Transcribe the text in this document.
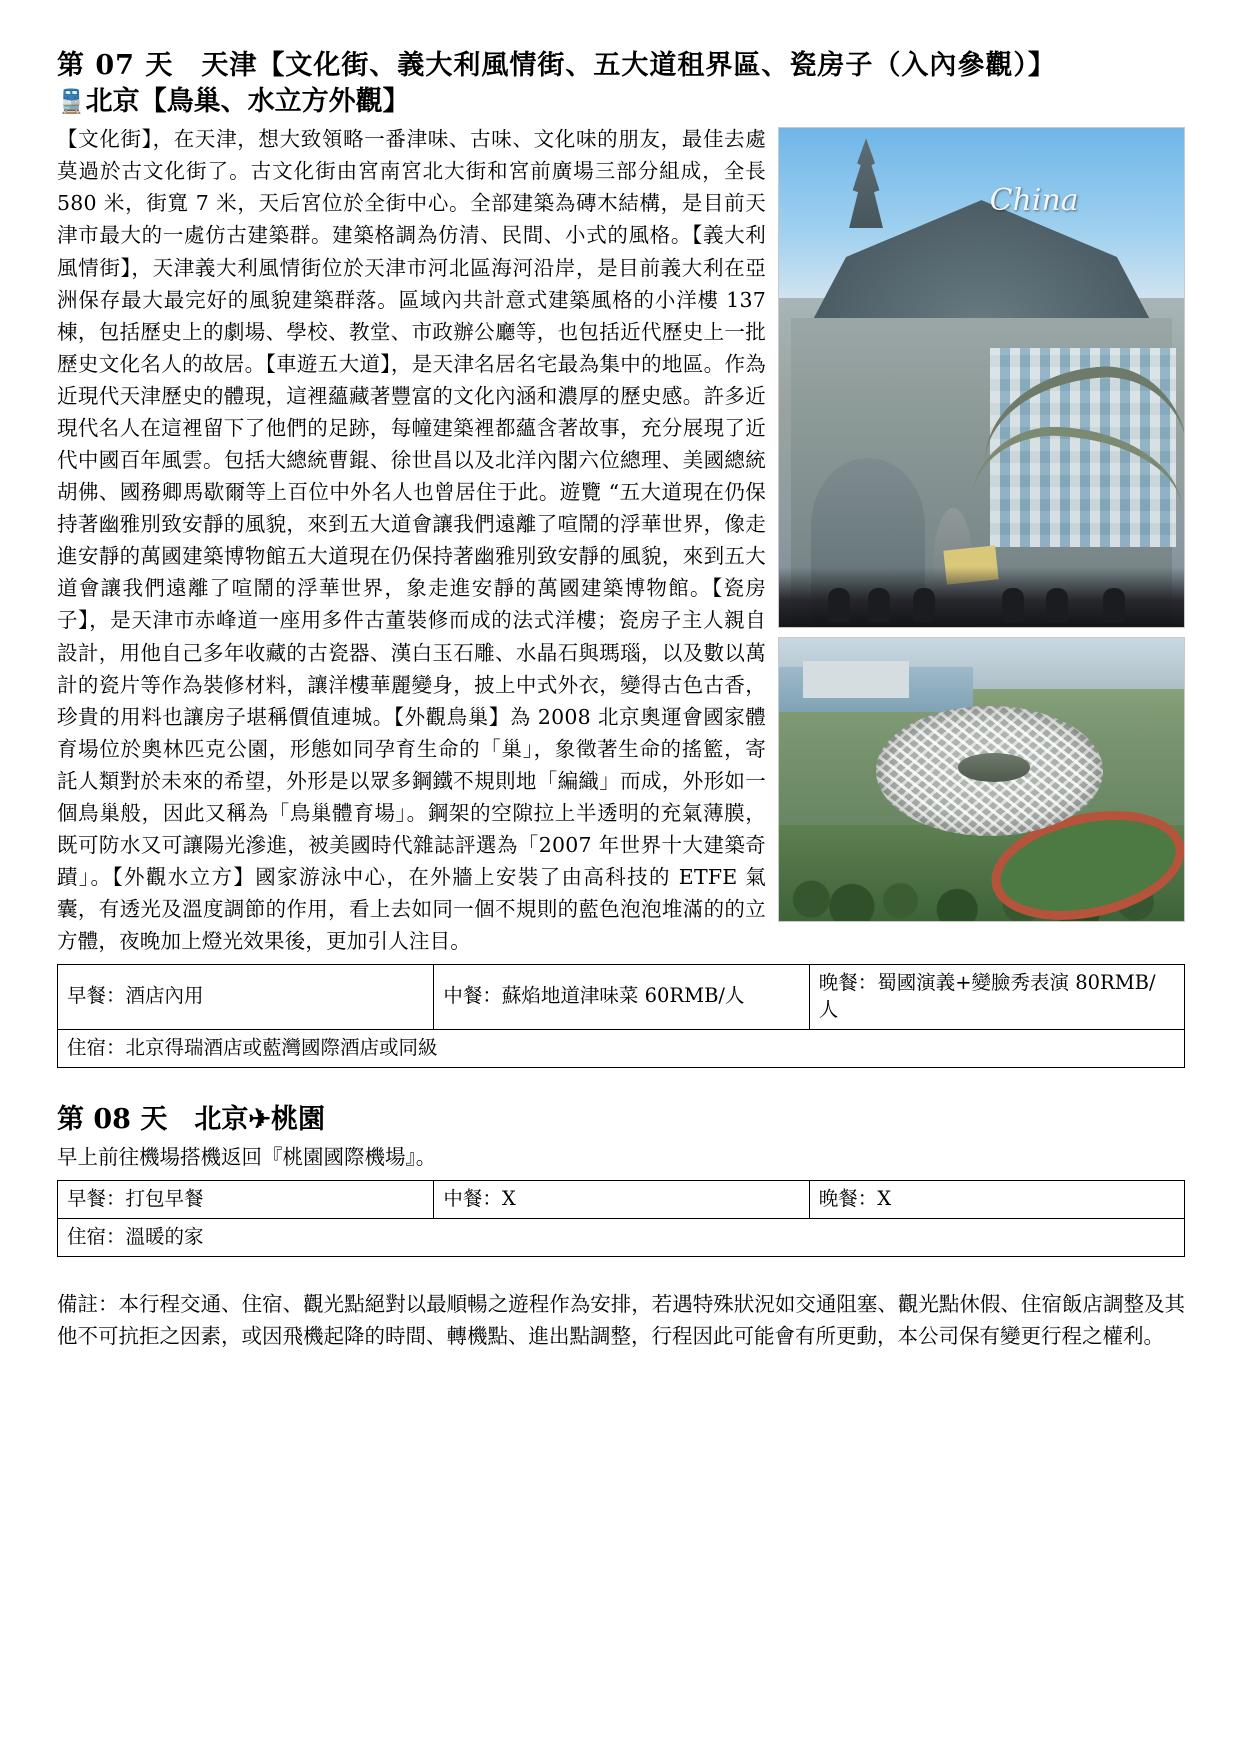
第 07 天　天津【文化街、義大利風情街、五大道租界區、瓷房子（入內參觀）】
🚆北京【鳥巢、水立方外觀】
China

【文化街】，在天津，想大致領略一番津味、古味、文化味的朋友，最佳去處莫過於古文化街了。古文化街由宮南宮北大街和宮前廣場三部分組成，全長 580 米，街寬 7 米，天后宮位於全街中心。全部建築為磚木結構，是目前天津市最大的一處仿古建築群。建築格調為仿清、民間、小式的風格。【義大利風情街】，天津義大利風情街位於天津市河北區海河沿岸，是目前義大利在亞洲保存最大最完好的風貌建築群落。區域內共計意式建築風格的小洋樓 137 棟，包括歷史上的劇場、學校、教堂、市政辦公廳等，也包括近代歷史上一批歷史文化名人的故居。【車遊五大道】，是天津名居名宅最為集中的地區。作為近現代天津歷史的體現，這裡蘊藏著豐富的文化內涵和濃厚的歷史感。許多近現代名人在這裡留下了他們的足跡，每幢建築裡都蘊含著故事，充分展現了近代中國百年風雲。包括大總統曹錕、徐世昌以及北洋內閣六位總理、美國總統胡佛、國務卿馬歇爾等上百位中外名人也曾居住于此。遊覽 “五大道現在仍保持著幽雅別致安靜的風貌，來到五大道會讓我們遠離了喧鬧的浮華世界，像走進安靜的萬國建築博物館五大道現在仍保持著幽雅別致安靜的風貌，來到五大道會讓我們遠離了喧鬧的浮華世界，象走進安靜的萬國建築博物館。【瓷房子】，是天津市赤峰道一座用多件古董裝修而成的法式洋樓；瓷房子主人親自設計，用他自己多年收藏的古瓷器、漢白玉石雕、水晶石與瑪瑙，以及數以萬計的瓷片等作為裝修材料，讓洋樓華麗變身，披上中式外衣，變得古色古香，珍貴的用料也讓房子堪稱價值連城。【外觀鳥巢】為 2008 北京奧運會國家體育場位於奧林匹克公園，形態如同孕育生命的「巢」，象徵著生命的搖籃，寄託人類對於未來的希望，外形是以眾多鋼鐵不規則地「編織」而成，外形如一個鳥巢般，因此又稱為「鳥巢體育場」。鋼架的空隙拉上半透明的充氣薄膜，既可防水又可讓陽光滲進，被美國時代雜誌評選為「2007 年世界十大建築奇蹟」。【外觀水立方】國家游泳中心，在外牆上安裝了由高科技的 ETFE 氣囊，有透光及溫度調節的作用，看上去如同一個不規則的藍色泡泡堆滿的的立方體，夜晚加上燈光效果後，更加引人注目。

早餐：酒店內用	中餐：蘇焰地道津味菜 60RMB/人	晚餐：蜀國演義+變臉秀表演 80RMB/人
住宿：北京得瑞酒店或藍灣國際酒店或同級
第 08 天　北京✈桃園

早上前往機場搭機返回『桃園國際機場』。

早餐：打包早餐	中餐：X	晚餐：X
住宿：溫暖的家

備註：本行程交通、住宿、觀光點絕對以最順暢之遊程作為安排，若遇特殊狀況如交通阻塞、觀光點休假、住宿飯店調整及其他不可抗拒之因素，或因飛機起降的時間、轉機點、進出點調整，行程因此可能會有所更動，本公司保有變更行程之權利。
